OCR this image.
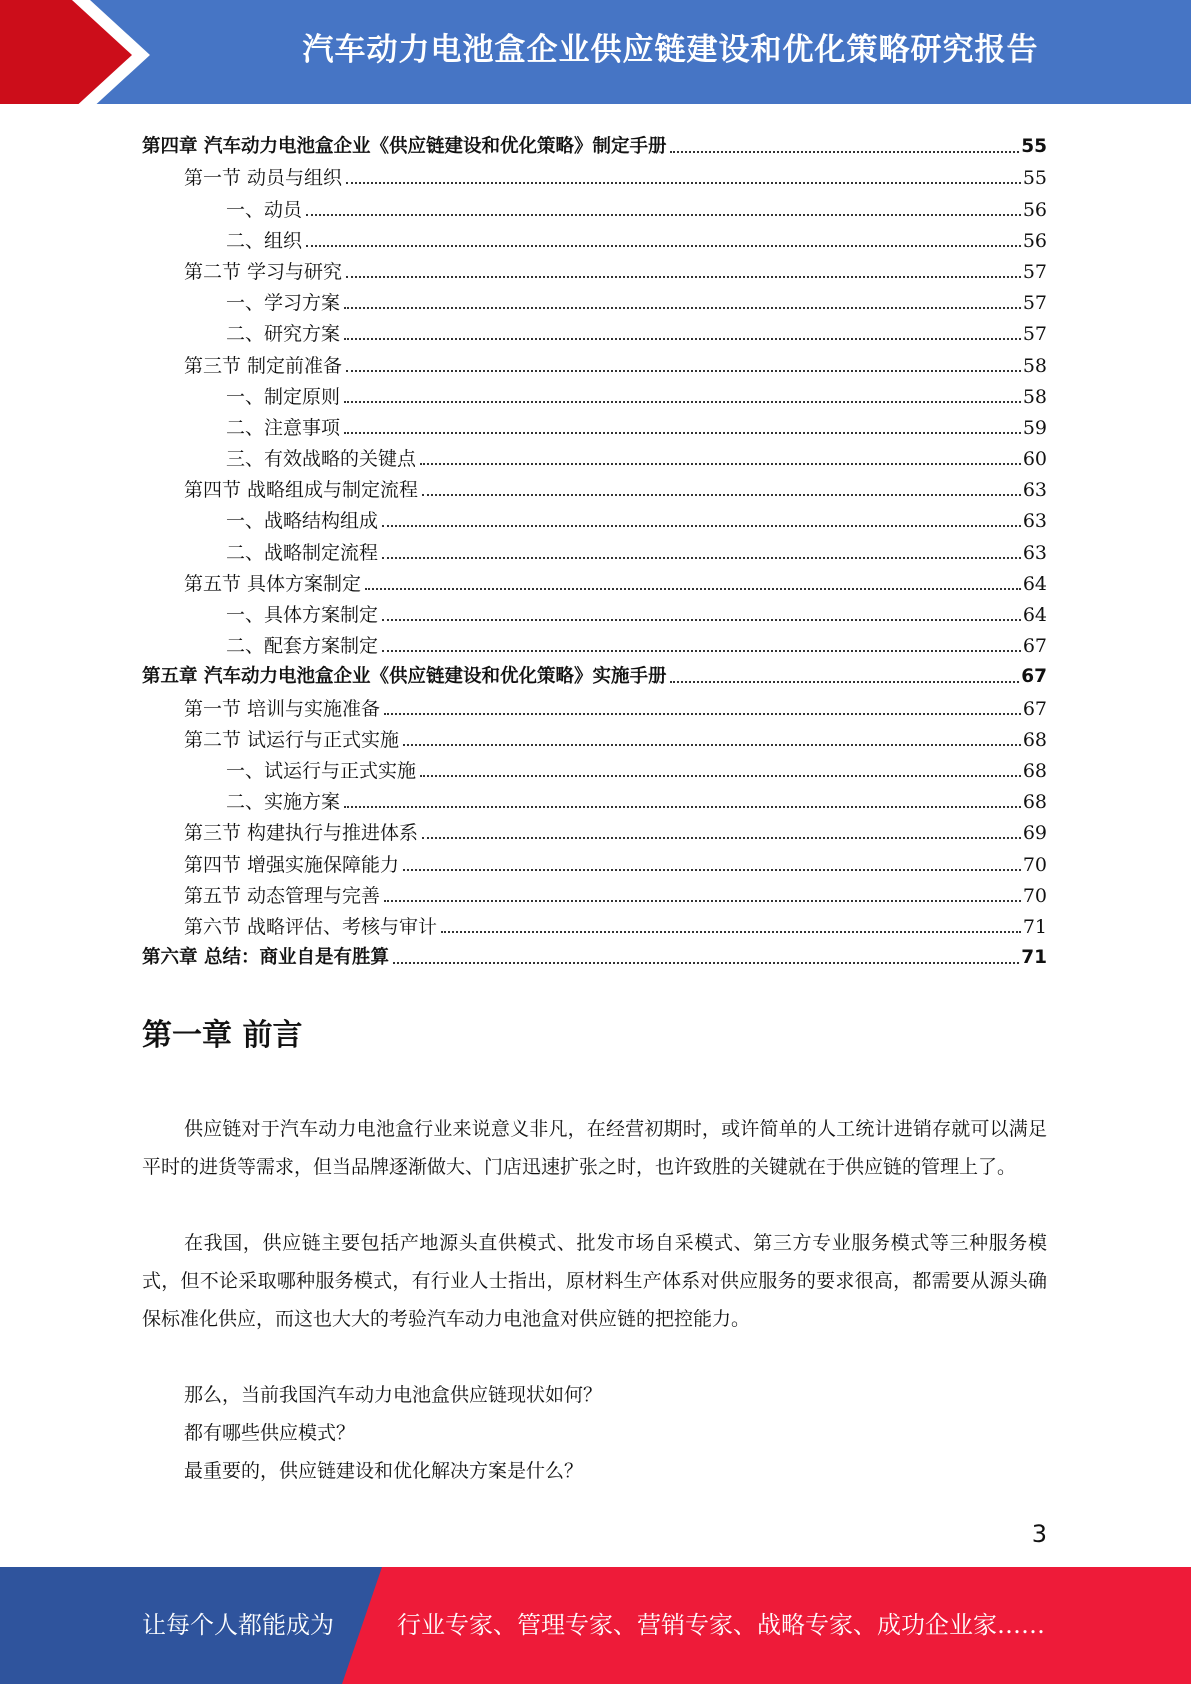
汽车动力电池盒企业供应链建设和优化策略研究报告
第四章 汽车动力电池盒企业《供应链建设和优化策略》制定手册	55
第一节 动员与组织	55
一、动员	56
二、组织	56
第二节 学习与研究	57
一、学习方案	57
二、研究方案	57
第三节 制定前准备	58
一、制定原则	58
二、注意事项	59
三、有效战略的关键点	60
第四节 战略组成与制定流程	63
一、战略结构组成	63
二、战略制定流程	63
第五节 具体方案制定	64
一、具体方案制定	64
二、配套方案制定	67
第五章 汽车动力电池盒企业《供应链建设和优化策略》实施手册	67
第一节 培训与实施准备	67
第二节 试运行与正式实施	68
一、试运行与正式实施	68
二、实施方案	68
第三节 构建执行与推进体系	69
第四节 增强实施保障能力	70
第五节 动态管理与完善	70
第六节 战略评估、考核与审计	71
第六章 总结：商业自是有胜算	71
第一章 前言

供应链对于汽车动力电池盒行业来说意义非凡，在经营初期时，或许简单的人工统计进销存就可以满足平时的进货等需求，但当品牌逐渐做大、门店迅速扩张之时，也许致胜的关键就在于供应链的管理上了。

在我国，供应链主要包括产地源头直供模式、批发市场自采模式、第三方专业服务模式等三种服务模式，但不论采取哪种服务模式，有行业人士指出，原材料生产体系对供应服务的要求很高，都需要从源头确保标准化供应，而这也大大的考验汽车动力电池盒对供应链的把控能力。

那么，当前我国汽车动力电池盒供应链现状如何？

都有哪些供应模式？

最重要的，供应链建设和优化解决方案是什么？

3
让每个人都能成为	行业专家、管理专家、营销专家、战略专家、成功企业家……
